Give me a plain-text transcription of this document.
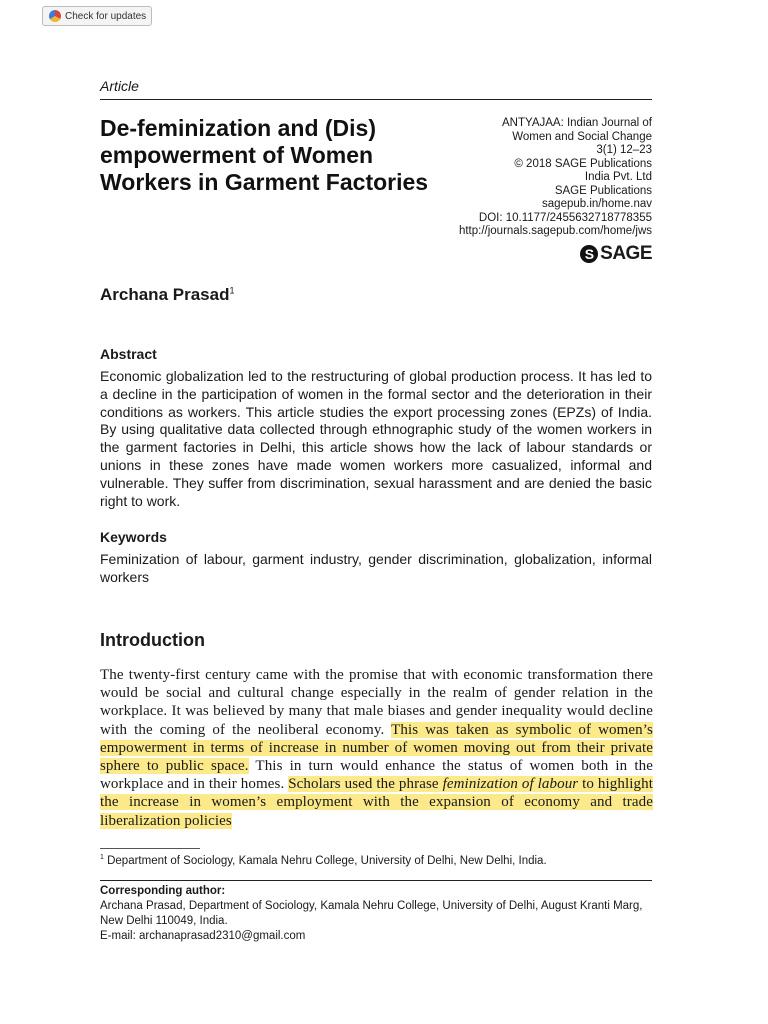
Check for updates
Article
De-feminization and (Dis) empowerment of Women Workers in Garment Factories
ANTYAJAA: Indian Journal of
Women and Social Change
3(1) 12–23
© 2018 SAGE Publications
India Pvt. Ltd
SAGE Publications
sagepub.in/home.nav
DOI: 10.1177/2455632718778355
http://journals.sagepub.com/home/jws
S SAGE
Archana Prasad$^1$
Abstract
Economic globalization led to the restructuring of global production process. It has led to a decline in the participation of women in the formal sector and the deterioration in their conditions as workers. This article studies the export processing zones (EPZs) of India. By using qualitative data collected through ethnographic study of the women workers in the garment factories in Delhi, this article shows how the lack of labour standards or unions in these zones have made women workers more casualized, informal and vulnerable. They suffer from discrimination, sexual harassment and are denied the basic right to work.
Keywords
Feminization of labour, garment industry, gender discrimination, globalization, informal workers
Introduction
The twenty-first century came with the promise that with economic transformation there would be social and cultural change especially in the realm of gender relation in the workplace. It was believed by many that male biases and gender inequality would decline with the coming of the neoliberal economy. This was taken as symbolic of women’s empowerment in terms of increase in number of women moving out from their private sphere to public space. This in turn would enhance the status of women both in the workplace and in their homes. Scholars used the phrase feminization of labour to highlight the increase in women’s employment with the expansion of economy and trade liberalization policies
$^1$ Department of Sociology, Kamala Nehru College, University of Delhi, New Delhi, India.
Corresponding author:
Archana Prasad, Department of Sociology, Kamala Nehru College, University of Delhi, August Kranti Marg, New Delhi 110049, India.
E-mail: archanaprasad2310@gmail.com
